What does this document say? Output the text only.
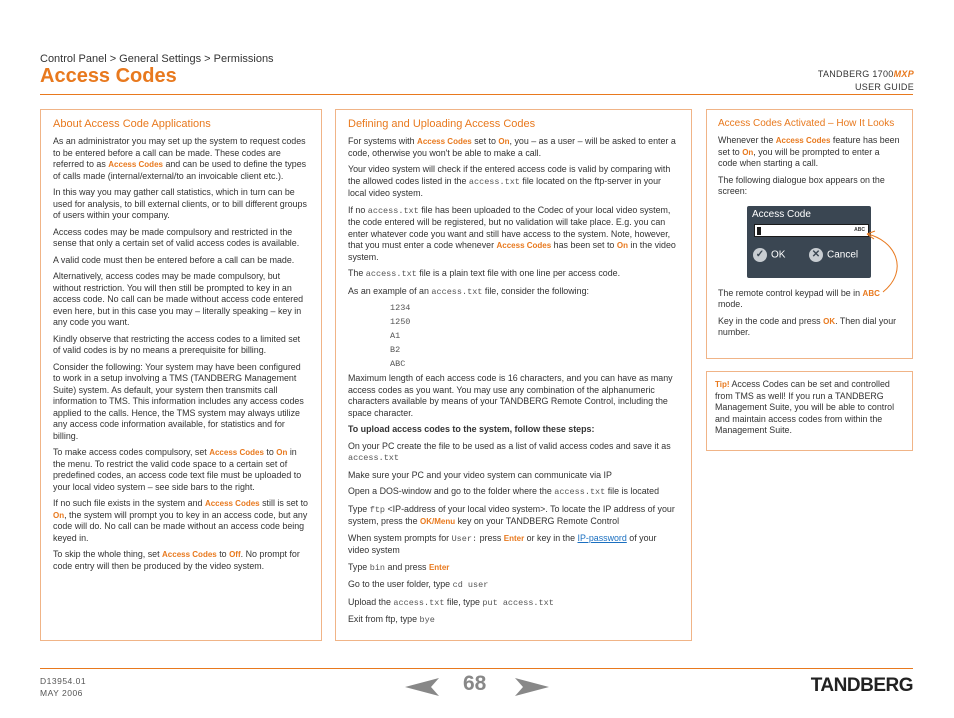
Control Panel > General Settings > Permissions
Access Codes	TANDBERG 1700MXP
USER GUIDE
About Access Code Applications

As an administrator you may set up the system to request codes to be entered before a call can be made. These codes are referred to as Access Codes and can be used to define the types of calls made (internal/external/to an invoicable client etc.).

In this way you may gather call statistics, which in turn can be used for analysis, to bill external clients, or to bill different groups of users within your company.

Access codes may be made compulsory and restricted in the sense that only a certain set of valid access codes is available.

A valid code must then be entered before a call can be made.

Alternatively, access codes may be made compulsory, but without restriction. You will then still be prompted to key in an access code. No call can be made without access code entered even here, but in this case you may – literally speaking – key in any code you want.

Kindly observe that restricting the access codes to a limited set of valid codes is by no means a prerequisite for billing.

Consider the following: Your system may have been configured to work in a setup involving a TMS (TANDBERG Management Suite) system. As default, your system then transmits call information to TMS. This information includes any access codes applied to the calls. Hence, the TMS system may always utilize any access code information available, for statistics and for billing.

To make access codes compulsory, set Access Codes to On in the menu. To restrict the valid code space to a certain set of predefined codes, an access code text file must be uploaded to your local video system – see side bars to the right.

If no such file exists in the system and Access Codes still is set to On, the system will prompt you to key in an access code, but any code will do. No call can be made without an access code being keyed in.

To skip the whole thing, set Access Codes to Off. No prompt for code entry will then be produced by the video system.

Defining and Uploading Access Codes

For systems with Access Codes set to On, you – as a user – will be asked to enter a code, otherwise you won't be able to make a call.

Your video system will check if the entered access code is valid by comparing with the allowed codes listed in the access.txt file located on the ftp-server in your local video system.

If no access.txt file has been uploaded to the Codec of your local video system, the code entered will be registered, but no validation will take place. E.g. you can enter whatever code you want and still have access to the system. Note, however, that you must enter a code whenever Access Codes has been set to On in the video system.

The access.txt file is a plain text file with one line per access code.

As an example of an access.txt file, consider the following:

1234
1250
A1
B2
ABC

Maximum length of each access code is 16 characters, and you can have as many access codes as you want. You may use any combination of the alphanumeric characters available by means of your TANDBERG Remote Control, including the space character.

To upload access codes to the system, follow these steps:

On your PC create the file to be used as a list of valid access codes and save it as access.txt

Make sure your PC and your video system can communicate via IP

Open a DOS-window and go to the folder where the access.txt file is located

Type ftp <IP-address of your local video system>. To locate the IP address of your system, press the OK/Menu key on your TANDBERG Remote Control

When system prompts for User: press Enter or key in the IP-password of your video system

Type bin and press Enter

Go to the user folder, type cd user

Upload the access.txt file, type put access.txt

Exit from ftp, type bye

Access Codes Activated – How It Looks

Whenever the Access Codes feature has been set to On, you will be prompted to enter a code when starting a call.

The following dialogue box appears on the screen:

Access Code
ABC
✓ OK	✕ Cancel

The remote control keypad will be in ABC mode.

Key in the code and press OK. Then dial your number.

Tip! Access Codes can be set and controlled from TMS as well! If you run a TANDBERG Management Suite, you will be able to control and maintain access codes from within the Management Suite.

D13954.01
MAY 2006	68	TANDBERG
